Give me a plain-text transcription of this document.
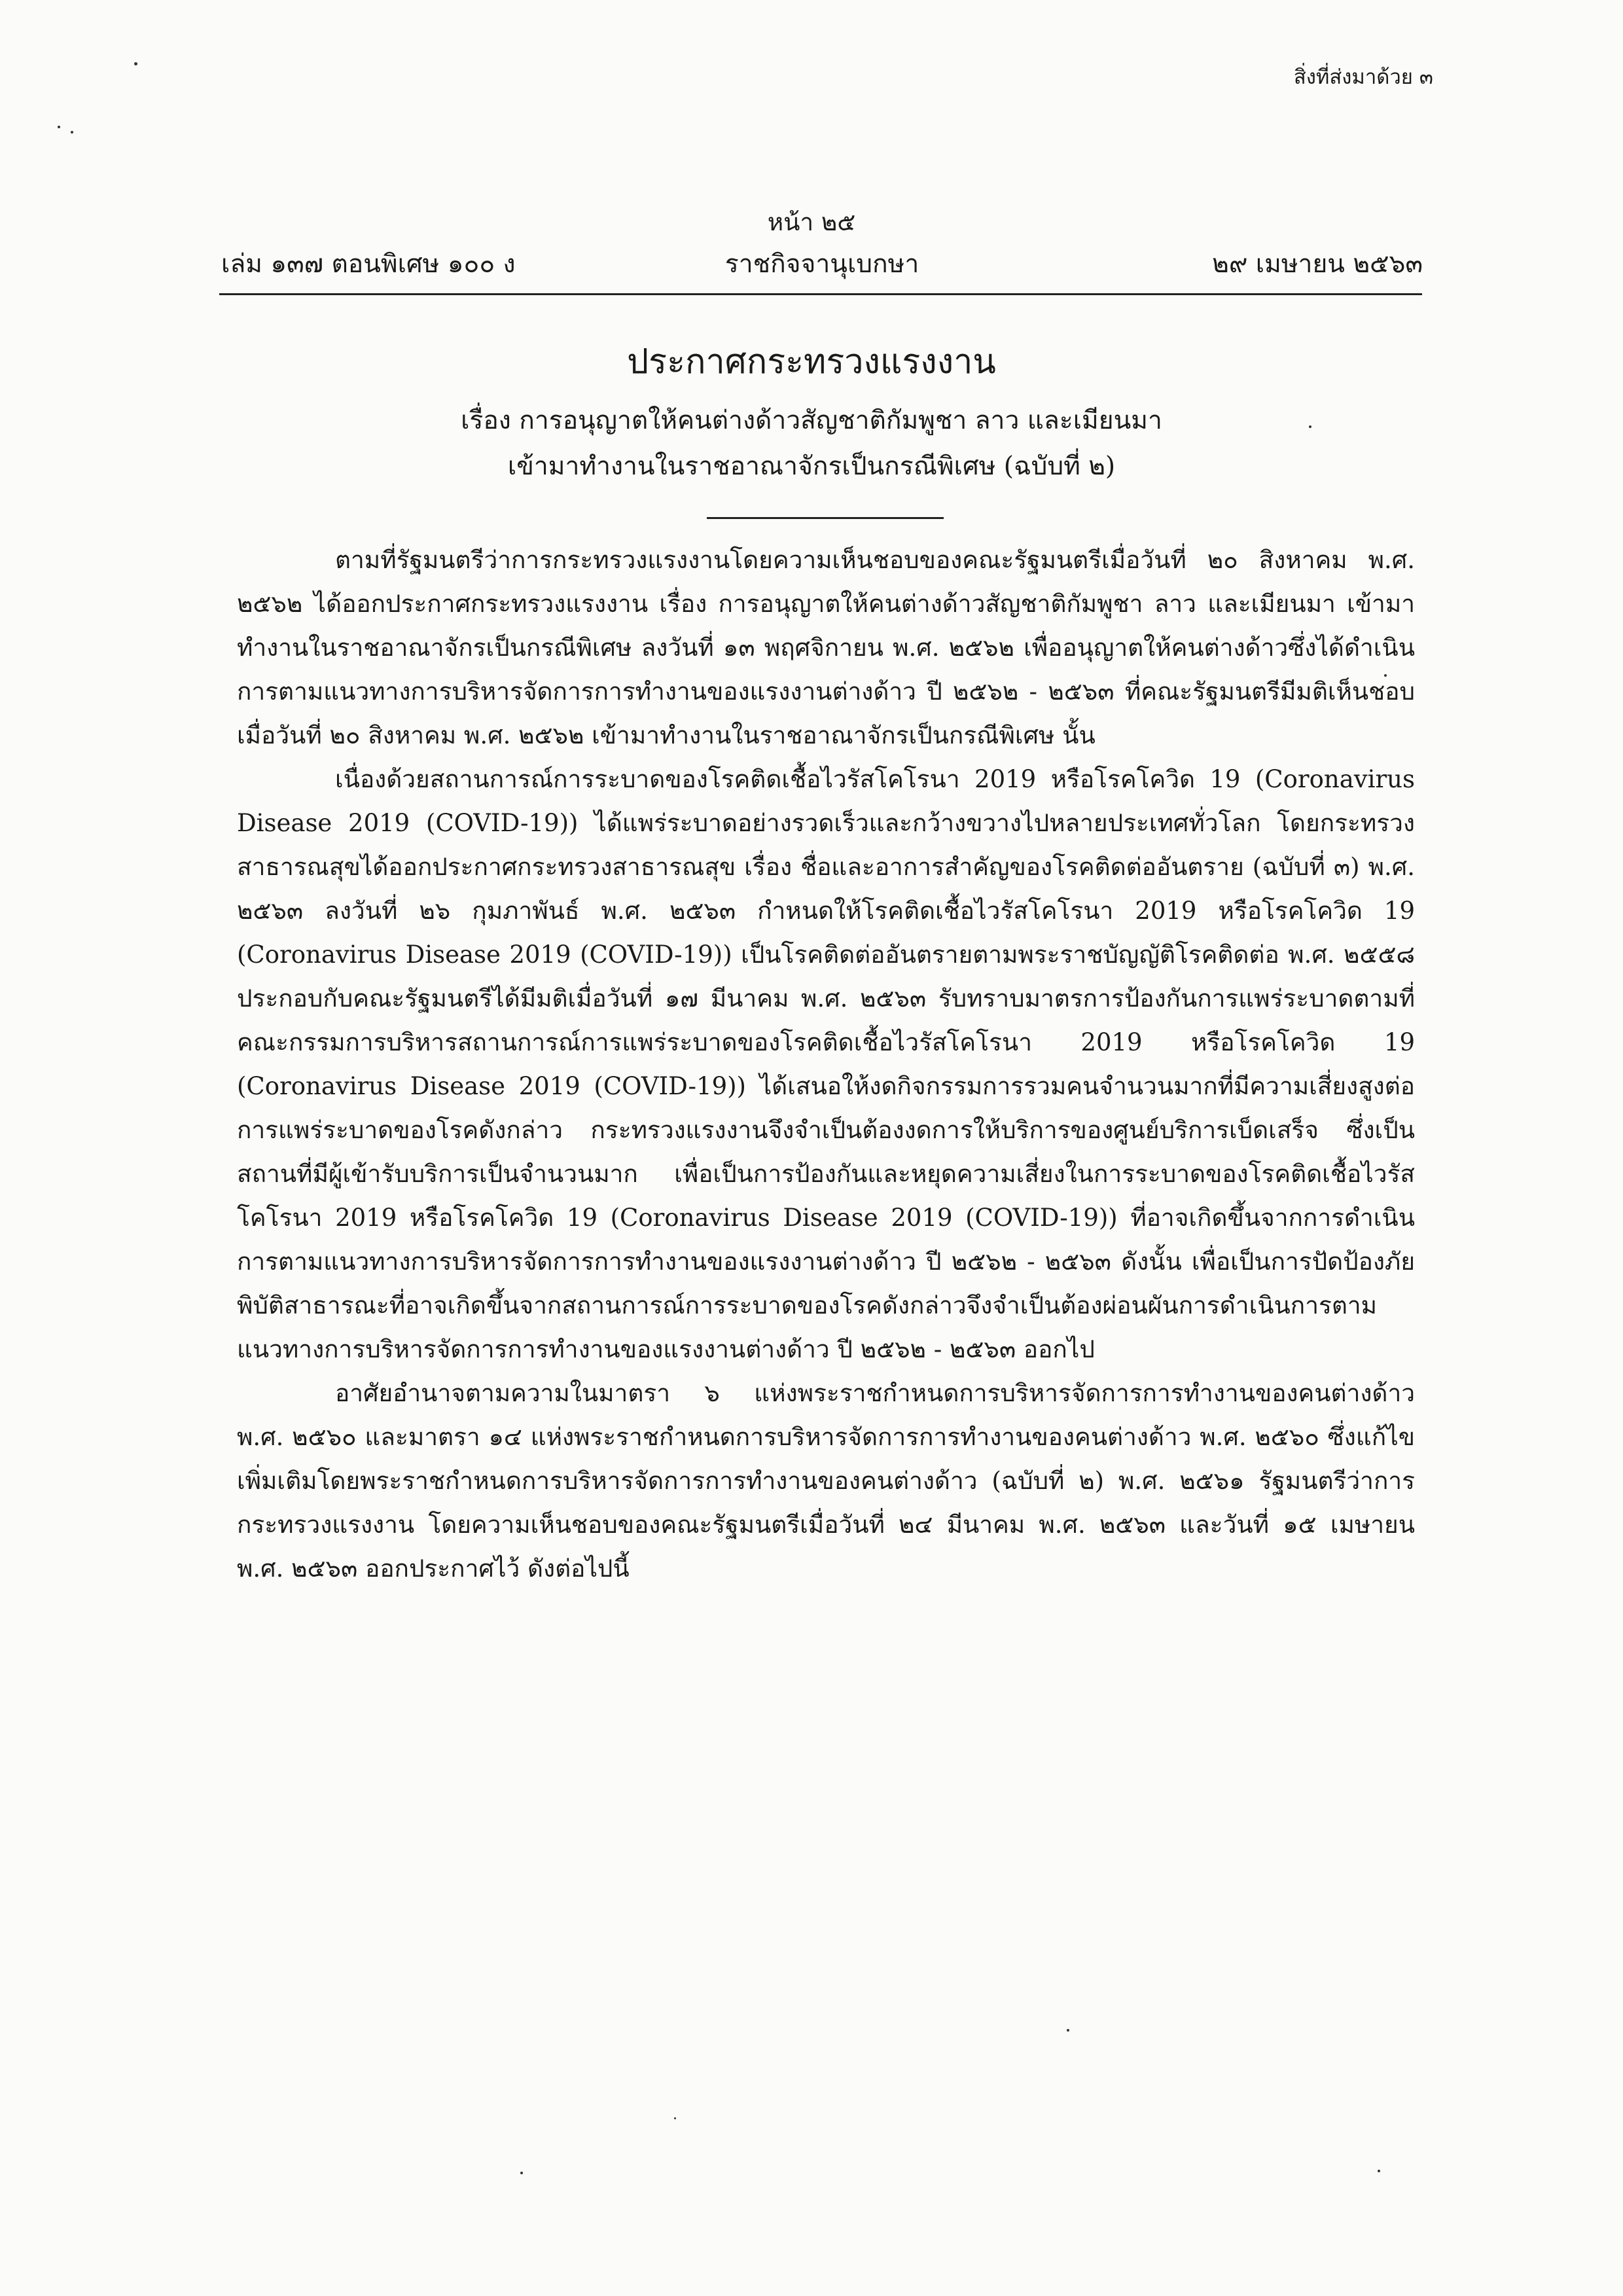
สิ่งที่ส่งมาด้วย ๓
หน้า ๒๕
เล่ม ๑๓๗ ตอนพิเศษ ๑๐๐ ง	ราชกิจจานุเบกษา	๒๙ เมษายน ๒๕๖๓
ประกาศกระทรวงแรงงาน
เรื่อง การอนุญาตให้คนต่างด้าวสัญชาติกัมพูชา ลาว และเมียนมา
เข้ามาทำงานในราชอาณาจักรเป็นกรณีพิเศษ (ฉบับที่ ๒)

ตามที่รัฐมนตรีว่าการกระทรวงแรงงานโดยความเห็นชอบของคณะรัฐมนตรีเมื่อวันที่ ๒๐ สิงหาคม พ.ศ. ๒๕๖๒ ได้ออกประกาศกระทรวงแรงงาน เรื่อง การอนุญาตให้คนต่างด้าวสัญชาติกัมพูชา ลาว และเมียนมา เข้ามาทำงานในราชอาณาจักรเป็นกรณีพิเศษ ลงวันที่ ๑๓ พฤศจิกายน พ.ศ. ๒๕๖๒ เพื่ออนุญาตให้คนต่างด้าวซึ่งได้ดำเนินการตามแนวทางการบริหารจัดการการทำงานของแรงงานต่างด้าว ปี ๒๕๖๒ - ๒๕๖๓ ที่คณะรัฐมนตรีมีมติเห็นชอบเมื่อวันที่ ๒๐ สิงหาคม พ.ศ. ๒๕๖๒ เข้ามาทำงานในราชอาณาจักรเป็นกรณีพิเศษ นั้น

เนื่องด้วยสถานการณ์การระบาดของโรคติดเชื้อไวรัสโคโรนา 2019 หรือโรคโควิด 19 (Coronavirus Disease 2019 (COVID-19)) ได้แพร่ระบาดอย่างรวดเร็วและกว้างขวางไปหลายประเทศทั่วโลก โดยกระทรวงสาธารณสุขได้ออกประกาศกระทรวงสาธารณสุข เรื่อง ชื่อและอาการสำคัญของโรคติดต่ออันตราย (ฉบับที่ ๓) พ.ศ. ๒๕๖๓ ลงวันที่ ๒๖ กุมภาพันธ์ พ.ศ. ๒๕๖๓ กำหนดให้โรคติดเชื้อไวรัสโคโรนา 2019 หรือโรคโควิด 19 (Coronavirus Disease 2019 (COVID-19)) เป็นโรคติดต่ออันตรายตามพระราชบัญญัติโรคติดต่อ พ.ศ. ๒๕๕๘ ประกอบกับคณะรัฐมนตรีได้มีมติเมื่อวันที่ ๑๗ มีนาคม พ.ศ. ๒๕๖๓ รับทราบมาตรการป้องกันการแพร่ระบาดตามที่คณะกรรมการบริหารสถานการณ์การแพร่ระบาดของโรคติดเชื้อไวรัสโคโรนา 2019 หรือโรคโควิด 19 (Coronavirus Disease 2019 (COVID-19)) ได้เสนอให้งดกิจกรรมการรวมคนจำนวนมากที่มีความเสี่ยงสูงต่อการแพร่ระบาดของโรคดังกล่าว กระทรวงแรงงานจึงจำเป็นต้องงดการให้บริการของศูนย์บริการเบ็ดเสร็จ ซึ่งเป็นสถานที่มีผู้เข้ารับบริการเป็นจำนวนมาก เพื่อเป็นการป้องกันและหยุดความเสี่ยงในการระบาดของโรคติดเชื้อไวรัสโคโรนา 2019 หรือโรคโควิด 19 (Coronavirus Disease 2019 (COVID-19)) ที่อาจเกิดขึ้นจากการดำเนินการตามแนวทางการบริหารจัดการการทำงานของแรงงานต่างด้าว ปี ๒๕๖๒ - ๒๕๖๓ ดังนั้น เพื่อเป็นการปัดป้องภัยพิบัติสาธารณะที่อาจเกิดขึ้นจากสถานการณ์การระบาดของโรคดังกล่าวจึงจำเป็นต้องผ่อนผันการดำเนินการตามแนวทางการบริหารจัดการการทำงานของแรงงานต่างด้าว ปี ๒๕๖๒ - ๒๕๖๓ ออกไป

อาศัยอำนาจตามความในมาตรา ๖ แห่งพระราชกำหนดการบริหารจัดการการทำงานของคนต่างด้าว พ.ศ. ๒๕๖๐ และมาตรา ๑๔ แห่งพระราชกำหนดการบริหารจัดการการทำงานของคนต่างด้าว พ.ศ. ๒๕๖๐ ซึ่งแก้ไขเพิ่มเติมโดยพระราชกำหนดการบริหารจัดการการทำงานของคนต่างด้าว (ฉบับที่ ๒) พ.ศ. ๒๕๖๑ รัฐมนตรีว่าการกระทรวงแรงงาน โดยความเห็นชอบของคณะรัฐมนตรีเมื่อวันที่ ๒๔ มีนาคม พ.ศ. ๒๕๖๓ และวันที่ ๑๕ เมษายน พ.ศ. ๒๕๖๓ ออกประกาศไว้ ดังต่อไปนี้
